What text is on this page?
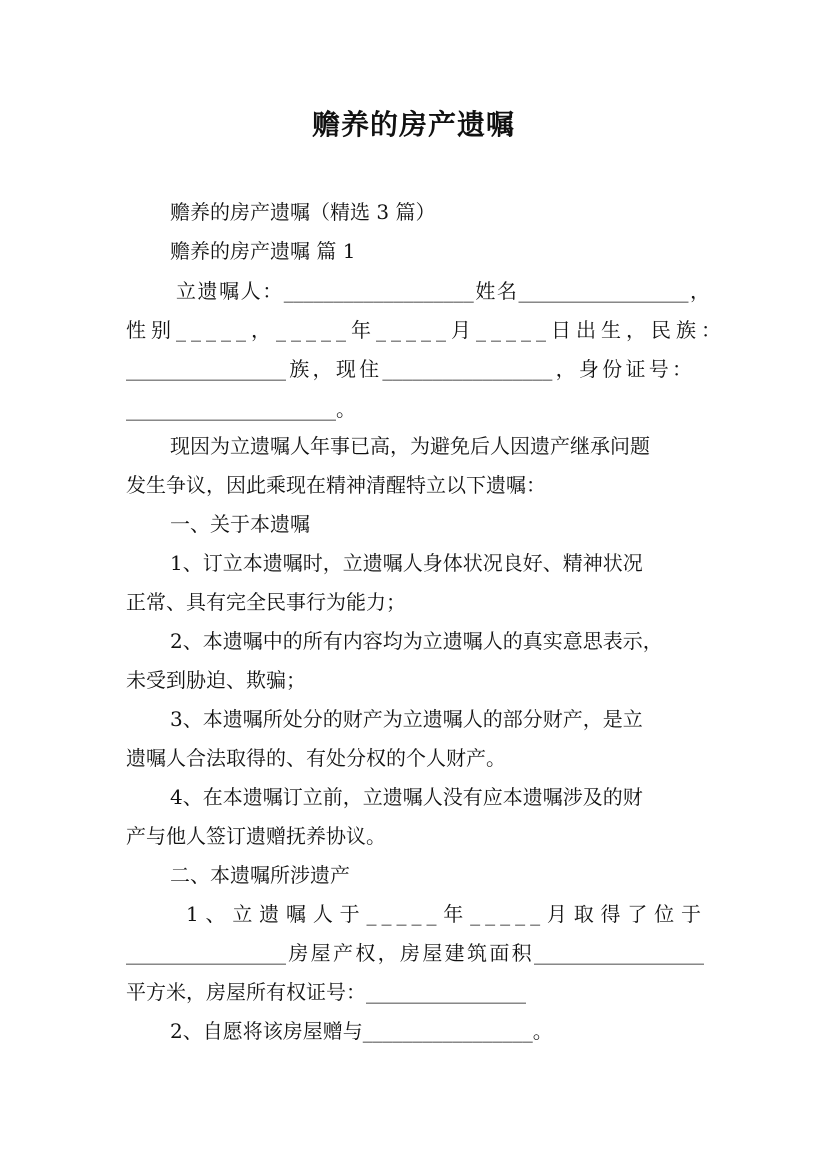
赡养的房产遗嘱
赡养的房产遗嘱（精选 3 篇）
赡养的房产遗嘱 篇 1
立遗嘱人：___________________姓名_________________，
性别_____，_____年_____月_____日出生，民族：
________________族，现住_________________，身份证号：
_____________________。
现因为立遗嘱人年事已高，为避免后人因遗产继承问题
发生争议，因此乘现在精神清醒特立以下遗嘱：
一、关于本遗嘱
1、订立本遗嘱时，立遗嘱人身体状况良好、精神状况
正常、具有完全民事行为能力；
2、本遗嘱中的所有内容均为立遗嘱人的真实意思表示，
未受到胁迫、欺骗；
3、本遗嘱所处分的财产为立遗嘱人的部分财产，是立
遗嘱人合法取得的、有处分权的个人财产。
4、在本遗嘱订立前，立遗嘱人没有应本遗嘱涉及的财
产与他人签订遗赠抚养协议。
二、本遗嘱所涉遗产
1、立遗嘱人于_____年_____月取得了位于
________________房屋产权，房屋建筑面积_________________
平方米，房屋所有权证号：________________
2、自愿将该房屋赠与_________________。
